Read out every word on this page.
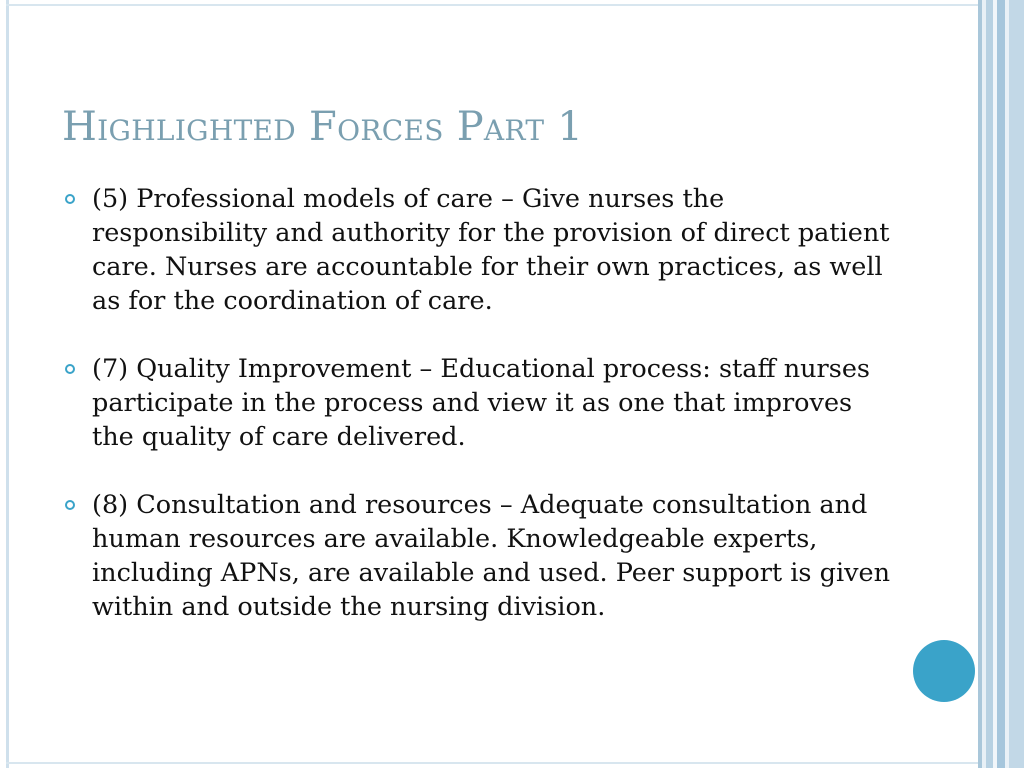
Highlighted Forces Part 1
(5) Professional models of care – Give nurses the responsibility and authority for the provision of direct patient care. Nurses are accountable for their own practices, as well as for the coordination of care.
(7) Quality Improvement – Educational process: staff nurses participate in the process and view it as one that improves the quality of care delivered.
(8) Consultation and resources – Adequate consultation and human resources are available. Knowledgeable experts, including APNs, are available and used. Peer support is given within and outside the nursing division.
